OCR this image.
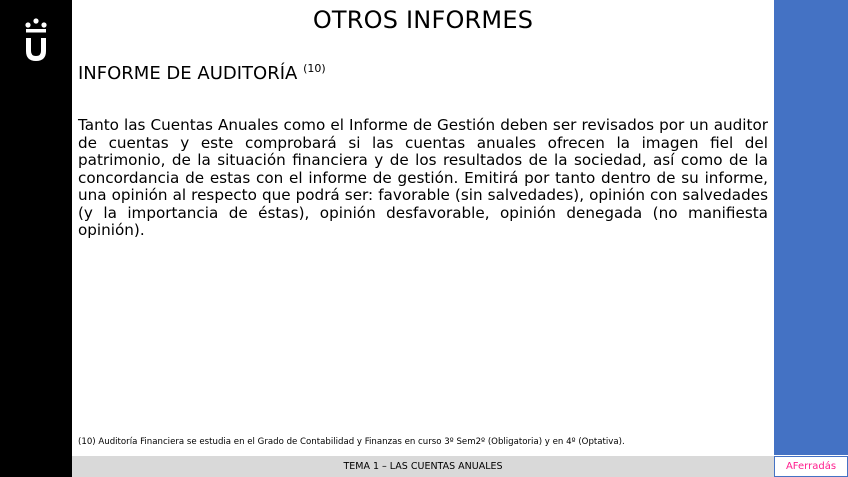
OTROS INFORMES
INFORME DE AUDITORÍA $^{(10)}$
Tanto las Cuentas Anuales como el Informe de Gestión deben ser revisados por un auditor de cuentas y este comprobará si las cuentas anuales ofrecen la imagen fiel del patrimonio, de la situación financiera y de los resultados de la sociedad, así como de la concordancia de estas con el informe de gestión. Emitirá por tanto dentro de su informe, una opinión al respecto que podrá ser: favorable (sin salvedades), opinión con salvedades (y la importancia de éstas), opinión desfavorable, opinión denegada (no manifiesta opinión).
(10) Auditoría Financiera se estudia en el Grado de Contabilidad y Finanzas en curso 3º Sem2º (Obligatoria) y en 4º (Optativa).
TEMA 1 – LAS CUENTAS ANUALES	AFerradás
